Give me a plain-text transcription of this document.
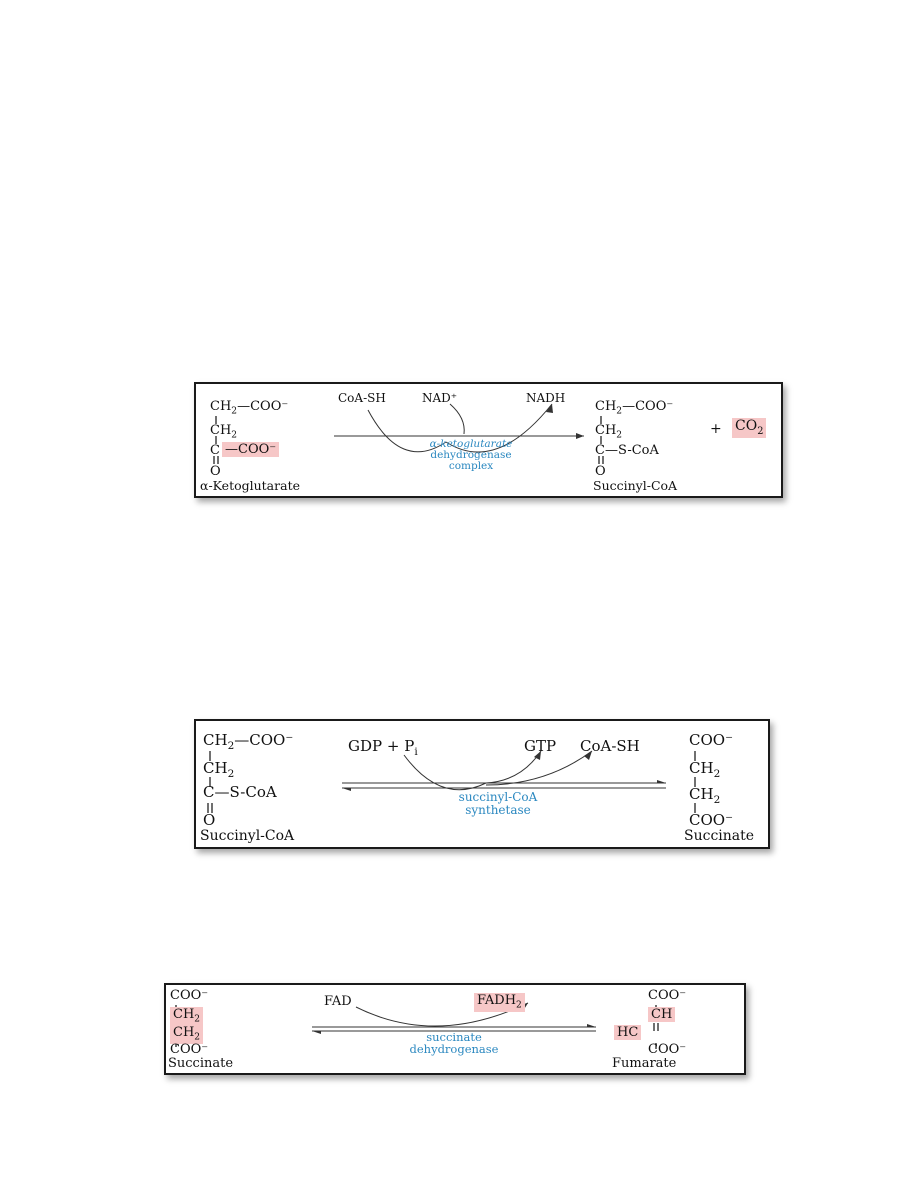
$CH_2—COO^-$
$CH_2$
C —COO⁻
O
α-Ketoglutarate
CoA-SH	NAD⁺	NADH
α-ketoglutarate
dehydrogenase
complex
$CH_2—COO^-$
$CH_2$
C—S-CoA
O
Succinyl-CoA
+ $CO_2$
$CH_2—COO^-$
$CH_2$
C—S-CoA
O
Succinyl-CoA
GDP + $P_i$	GTP CoA-SH
succinyl-CoA
synthetase
COO⁻
$CH_2$
$CH_2$
COO⁻
Succinate
COO⁻
$CH_2$
$CH_2$
COO⁻
Succinate
FAD	$FADH_2$
succinate
dehydrogenase
COO⁻
CH
HC
COO⁻
Fumarate
